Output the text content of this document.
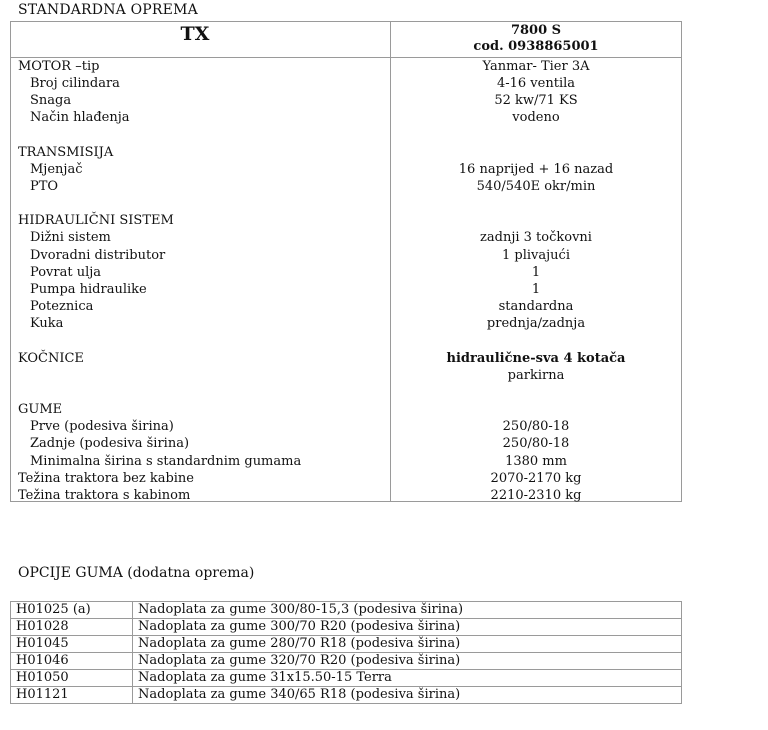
STANDARDNA OPREMA
TX	7800 S
cod. 0938865001
MOTOR –tip	Yanmar- Tier 3A
Broj cilindara	4-16 ventila
Snaga	52 kw/71 KS
Način hlađenja	vodeno
TRANSMISIJA
Mjenjač	16 naprijed + 16 nazad
PTO	540/540E okr/min
HIDRAULIČNI SISTEM
Dižni sistem	zadnji 3 točkovni
Dvoradni distributor	1 plivajući
Povrat ulja	1
Pumpa hidraulike	1
Poteznica	standardna
Kuka	prednja/zadnja
KOČNICE	hidraulične-sva 4 kotača
parkirna
GUME
Prve (podesiva širina)	250/80-18
Zadnje (podesiva širina)	250/80-18
Minimalna širina s standardnim gumama	1380 mm
Težina traktora bez kabine	2070-2170 kg
Težina traktora s kabinom	2210-2310 kg
OPCIJE GUMA (dodatna oprema)
H01025 (a)	Nadoplata za gume 300/80-15,3 (podesiva širina)
H01028	Nadoplata za gume 300/70 R20 (podesiva širina)
H01045	Nadoplata za gume 280/70 R18 (podesiva širina)
H01046	Nadoplata za gume 320/70 R20 (podesiva širina)
H01050	Nadoplata za gume 31x15.50-15 Terra
H01121	Nadoplata za gume 340/65 R18 (podesiva širina)
